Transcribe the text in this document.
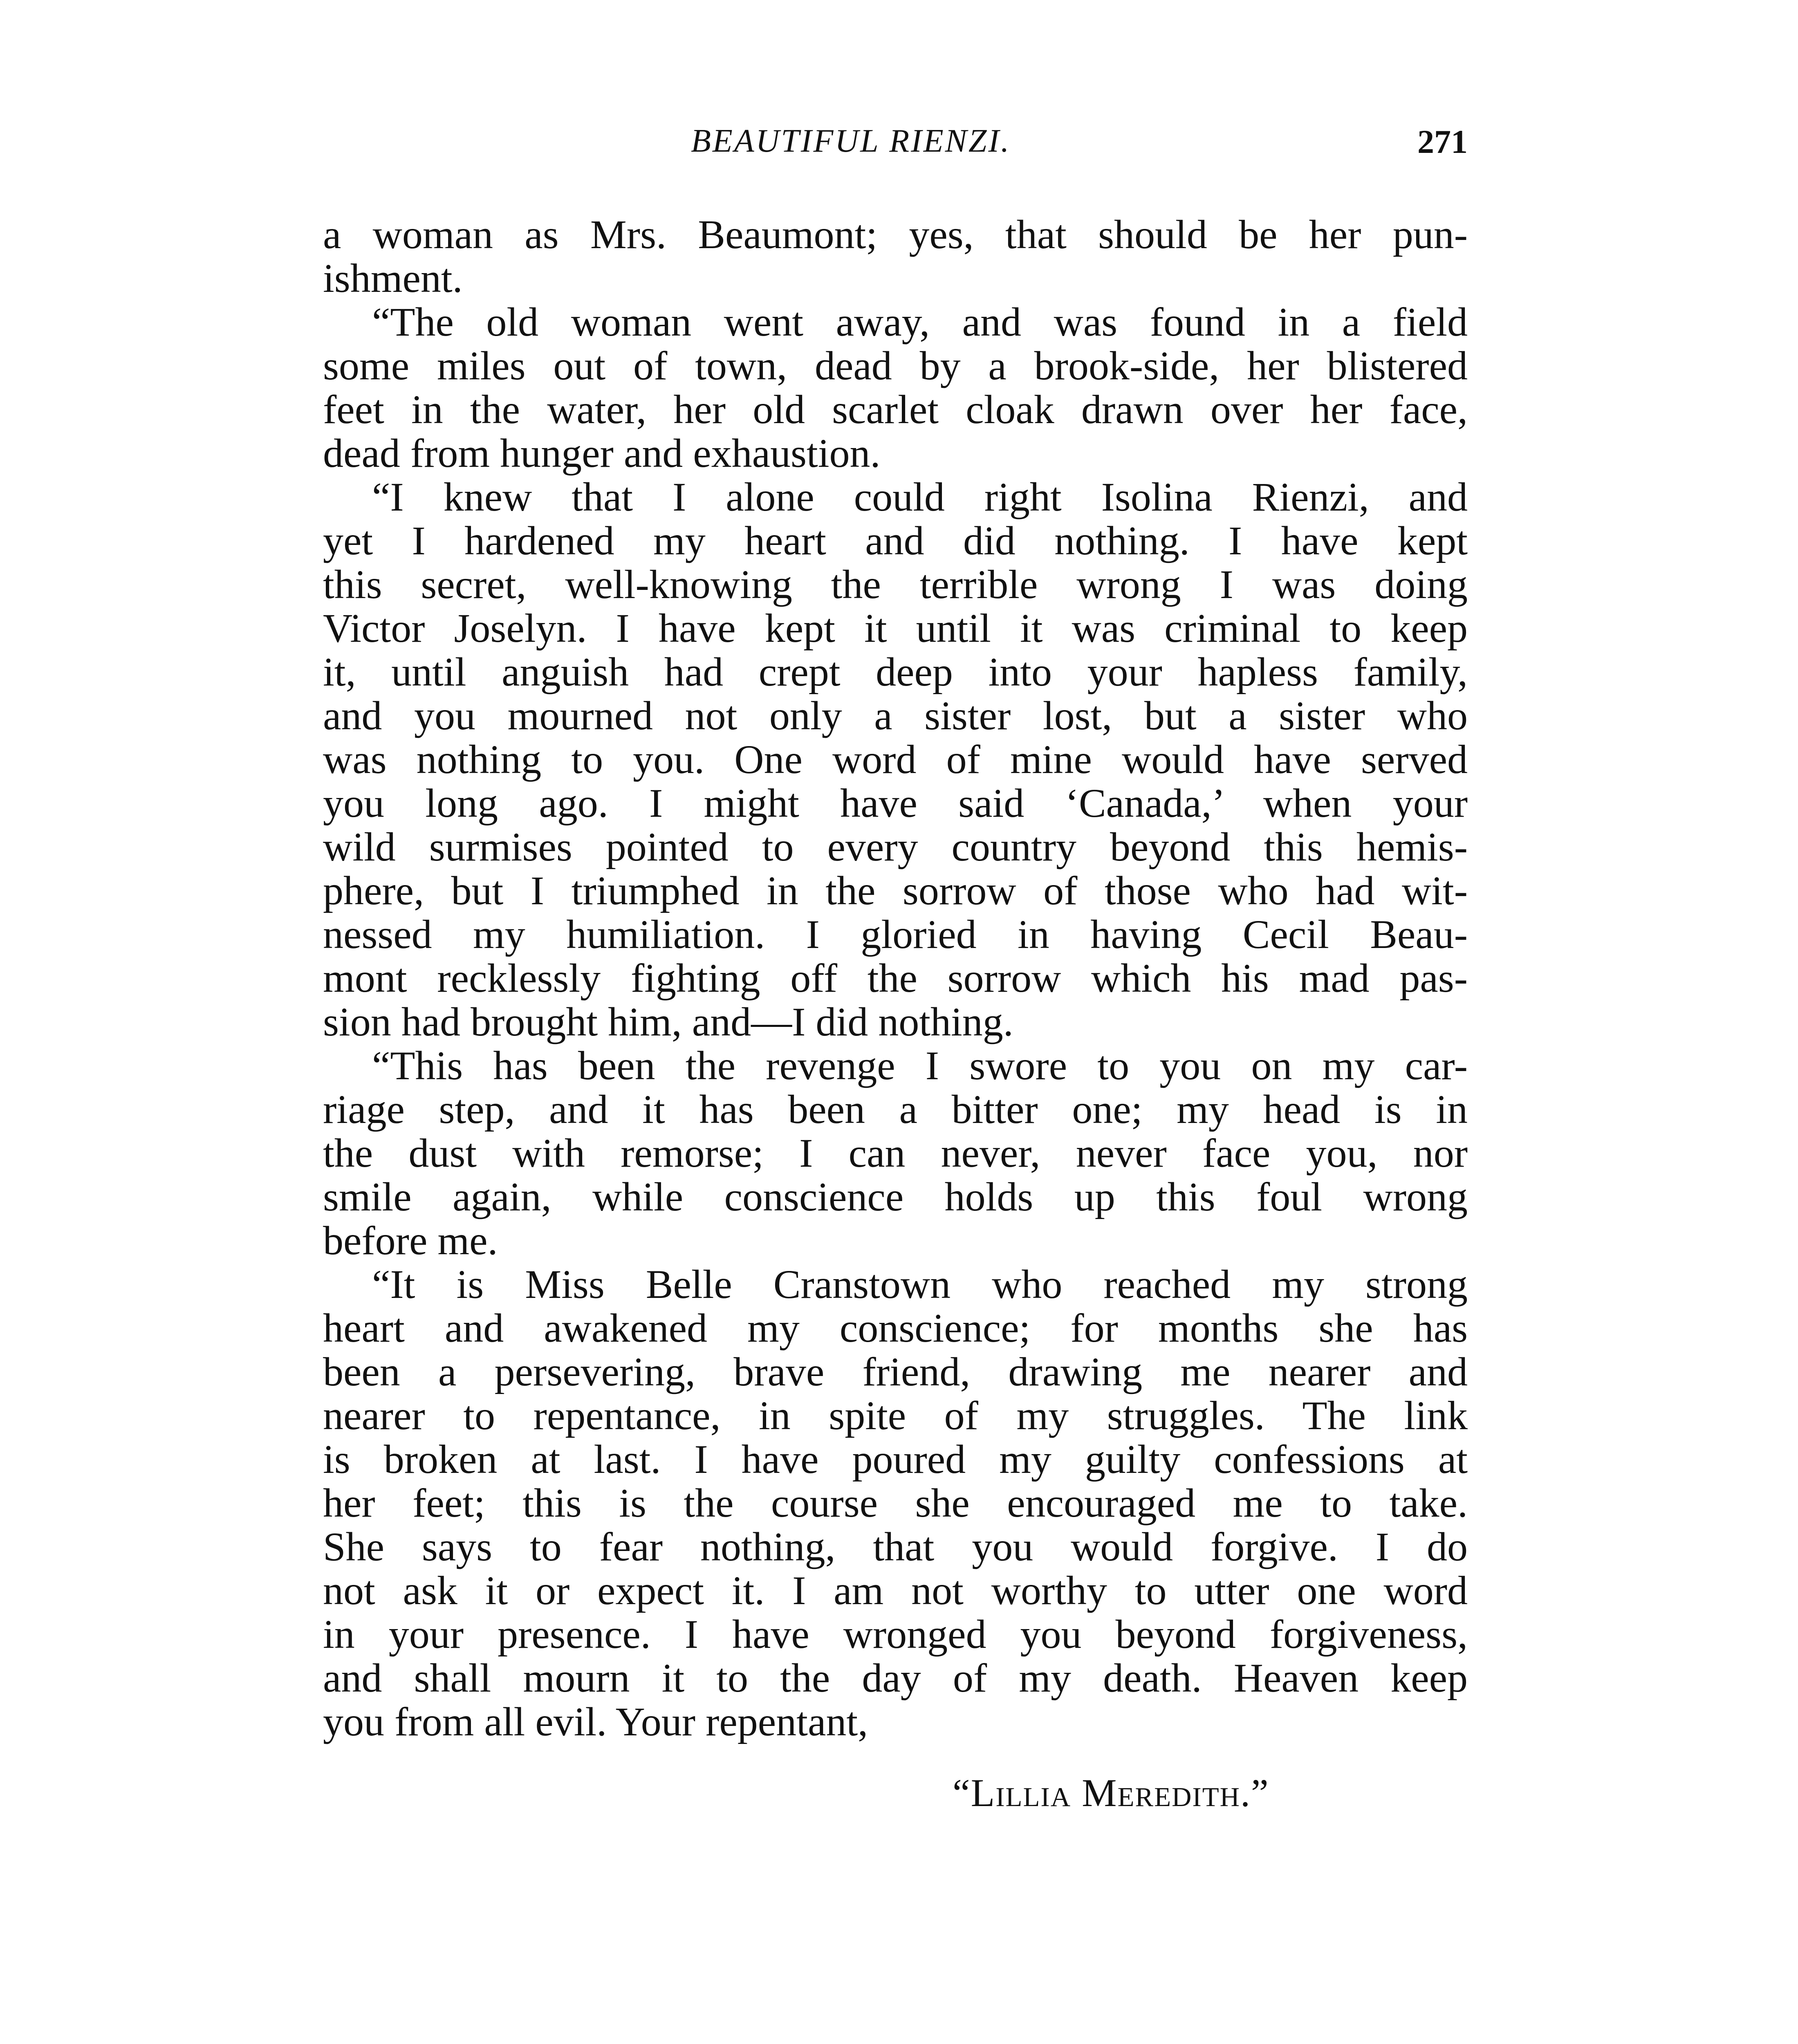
BEAUTIFUL RIENZI.	271

a woman as Mrs. Beaumont; yes, that should be her pun-
ishment.

“The old woman went away, and was found in a field
some miles out of town, dead by a brook-side, her blistered
feet in the water, her old scarlet cloak drawn over her face,
dead from hunger and exhaustion.

“I knew that I alone could right Isolina Rienzi, and
yet I hardened my heart and did nothing. I have kept
this secret, well-knowing the terrible wrong I was doing
Victor Joselyn. I have kept it until it was criminal to keep
it, until anguish had crept deep into your hapless family,
and you mourned not only a sister lost, but a sister who
was nothing to you. One word of mine would have served
you long ago. I might have said ‘Canada,’ when your
wild surmises pointed to every country beyond this hemis-
phere, but I triumphed in the sorrow of those who had wit-
nessed my humiliation. I gloried in having Cecil Beau-
mont recklessly fighting off the sorrow which his mad pas-
sion had brought him, and—I did nothing.

“This has been the revenge I swore to you on my car-
riage step, and it has been a bitter one; my head is in
the dust with remorse; I can never, never face you, nor
smile again, while conscience holds up this foul wrong
before me.

“It is Miss Belle Cranstown who reached my strong
heart and awakened my conscience; for months she has
been a persevering, brave friend, drawing me nearer and
nearer to repentance, in spite of my struggles. The link
is broken at last. I have poured my guilty confessions at
her feet; this is the course she encouraged me to take.
She says to fear nothing, that you would forgive. I do
not ask it or expect it. I am not worthy to utter one word
in your presence. I have wronged you beyond forgiveness,
and shall mourn it to the day of my death. Heaven keep
you from all evil. Your repentant,

“Lillia Meredith.”
